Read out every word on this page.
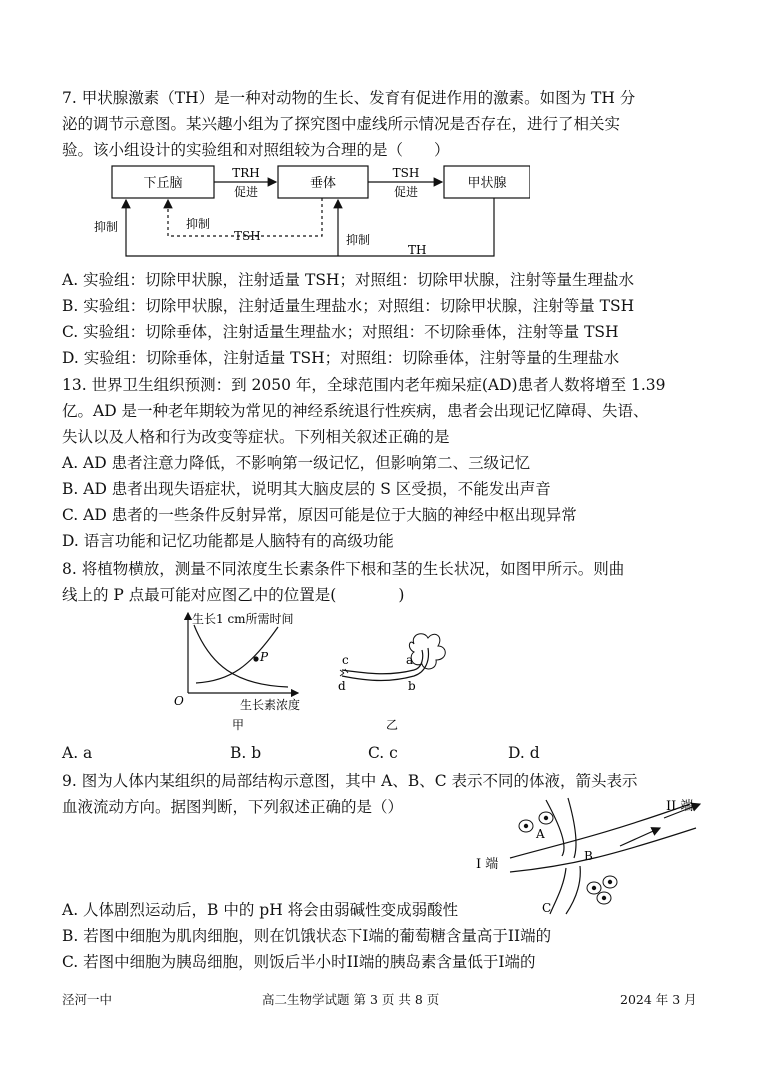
7. 甲状腺激素（TH）是一种对动物的生长、发育有促进作用的激素。如图为 TH 分
泌的调节示意图。某兴趣小组为了探究图中虚线所示情况是否存在，进行了相关实
验。该小组设计的实验组和对照组较为合理的是（　　）
下丘脑	垂体	甲状腺
TRH
促进
TSH
促进
抑制
抑制
TH
抑制
TSH
A. 实验组：切除甲状腺，注射适量 TSH；对照组：切除甲状腺，注射等量生理盐水
B. 实验组：切除甲状腺，注射适量生理盐水；对照组：切除甲状腺，注射等量 TSH
C. 实验组：切除垂体，注射适量生理盐水；对照组：不切除垂体，注射等量 TSH
D. 实验组：切除垂体，注射适量 TSH；对照组：切除垂体，注射等量的生理盐水
13. 世界卫生组织预测：到 2050 年，全球范围内老年痴呆症(AD)患者人数将增至 1.39
亿。AD 是一种老年期较为常见的神经系统退行性疾病，患者会出现记忆障碍、失语、
失认以及人格和行为改变等症状。下列相关叙述正确的是
A. AD 患者注意力降低，不影响第一级记忆，但影响第二、三级记忆
B. AD 患者出现失语症状，说明其大脑皮层的 S 区受损，不能发出声音
C. AD 患者的一些条件反射异常，原因可能是位于大脑的神经中枢出现异常
D. 语言功能和记忆功能都是人脑特有的高级功能
8. 将植物横放，测量不同浓度生长素条件下根和茎的生长状况，如图甲所示。则曲
线上的 P 点最可能对应图乙中的位置是(　　　　)
生长1 cm所需时间
生长素浓度
O
P
甲
c
d
a
b
乙
A. a	B. b	C. c	D. d
9. 图为人体内某组织的局部结构示意图，其中 A、B、C 表示不同的体液，箭头表示
血液流动方向。据图判断，下列叙述正确的是（）
A
B
C
I 端
II 端
A. 人体剧烈运动后，B 中的 pH 将会由弱碱性变成弱酸性
B. 若图中细胞为肌肉细胞，则在饥饿状态下I端的葡萄糖含量高于II端的
C. 若图中细胞为胰岛细胞，则饭后半小时II端的胰岛素含量低于I端的
泾河一中	高二生物学试题 第 3 页 共 8 页	2024 年 3 月
